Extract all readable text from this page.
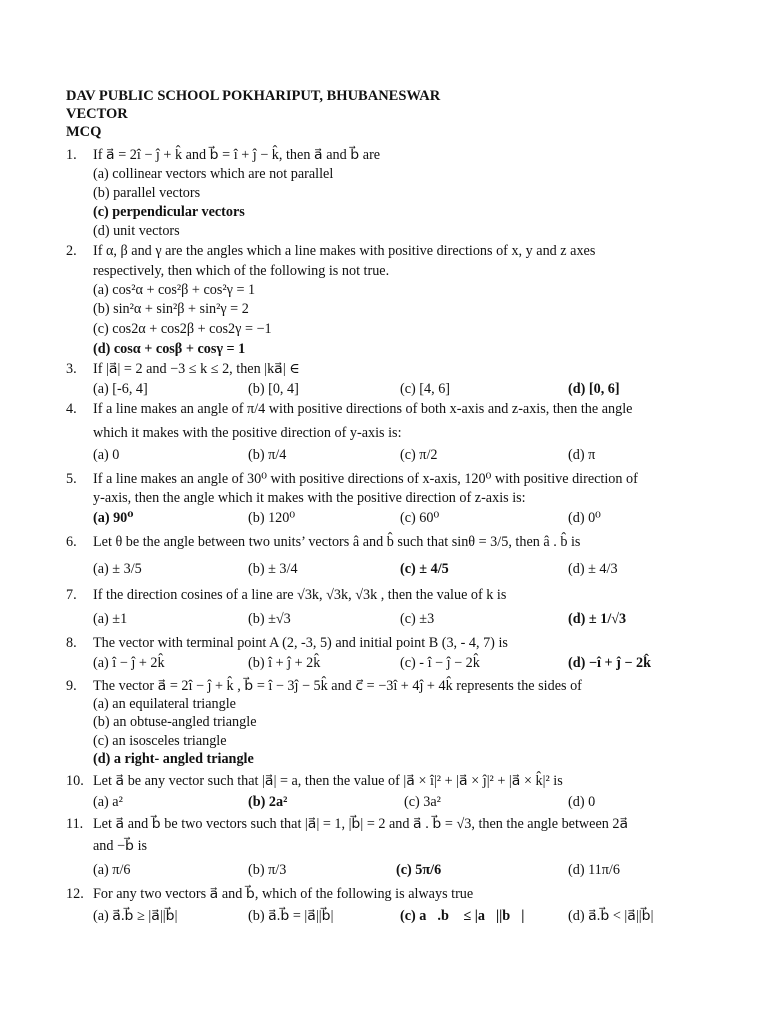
DAV PUBLIC SCHOOL POKHARIPUT, BHUBANESWAR
VECTOR
MCQ
1. If a⃗ = 2î − ĵ + k̂ and b⃗ = î + ĵ − k̂, then a⃗ and b⃗ are
(a) collinear vectors which are not parallel
(b) parallel vectors
(c) perpendicular vectors
(d) unit vectors
2. If α, β and γ are the angles which a line makes with positive directions of x, y and z axes
respectively, then which of the following is not true.
(a) cos²α + cos²β + cos²γ = 1
(b) sin²α + sin²β + sin²γ = 2
(c) cos2α + cos2β + cos2γ = −1
(d) cosα + cosβ + cosγ = 1
3. If |a⃗| = 2 and −3 ≤ k ≤ 2, then |ka⃗| ∈
(a) [-6, 4]	(b) [0, 4]	(c) [4, 6]	(d) [0, 6]
4. If a line makes an angle of π/4 with positive directions of both x-axis and z-axis, then the angle
which it makes with the positive direction of y-axis is:
(a) 0	(b) π/4	(c) π/2	(d) π
5. If a line makes an angle of 30⁰ with positive directions of x-axis, 120⁰ with positive direction of
y-axis, then the angle which it makes with the positive direction of z-axis is:
(a) 90⁰	(b) 120⁰	(c) 60⁰	(d) 0⁰
6. Let θ be the angle between two units’ vectors â and b̂ such that sinθ = 3/5, then â . b̂ is
(a) ± 3/5	(b) ± 3/4	(c) ± 4/5	(d) ± 4/3
7. If the direction cosines of a line are √3k, √3k, √3k , then the value of k is
(a) ±1	(b) ±√3	(c) ±3	(d) ± 1/√3
8. The vector with terminal point A (2, -3, 5) and initial point B (3, - 4, 7) is
(a) î − ĵ + 2k̂	(b) î + ĵ + 2k̂	(c) - î − ĵ − 2k̂	(d) −î + ĵ − 2k̂
9. The vector a⃗ = 2î − ĵ + k̂ , b⃗ = î − 3ĵ − 5k̂ and c⃗ = −3î + 4ĵ + 4k̂ represents the sides of
(a) an equilateral triangle
(b) an obtuse-angled triangle
(c) an isosceles triangle
(d) a right- angled triangle
10. Let a⃗ be any vector such that |a⃗| = a, then the value of |a⃗ × î|² + |a⃗ × ĵ|² + |a⃗ × k̂|² is
(a) a²	(b) 2a²	(c) 3a²	(d) 0
11. Let a⃗ and b⃗ be two vectors such that |a⃗| = 1, |b⃗| = 2 and a⃗ . b⃗ = √3, then the angle between 2a⃗
and −b⃗ is
(a) π/6	(b) π/3	(c) 5π/6	(d) 11π/6
12. For any two vectors a⃗ and b⃗, which of the following is always true
(a) a⃗.b⃗ ≥ |a⃗||b⃗|	(b) a⃗.b⃗ = |a⃗||b⃗|	(c) a⃗.b⃗ ≤ |a⃗||b⃗|	(d) a⃗.b⃗ < |a⃗||b⃗|
